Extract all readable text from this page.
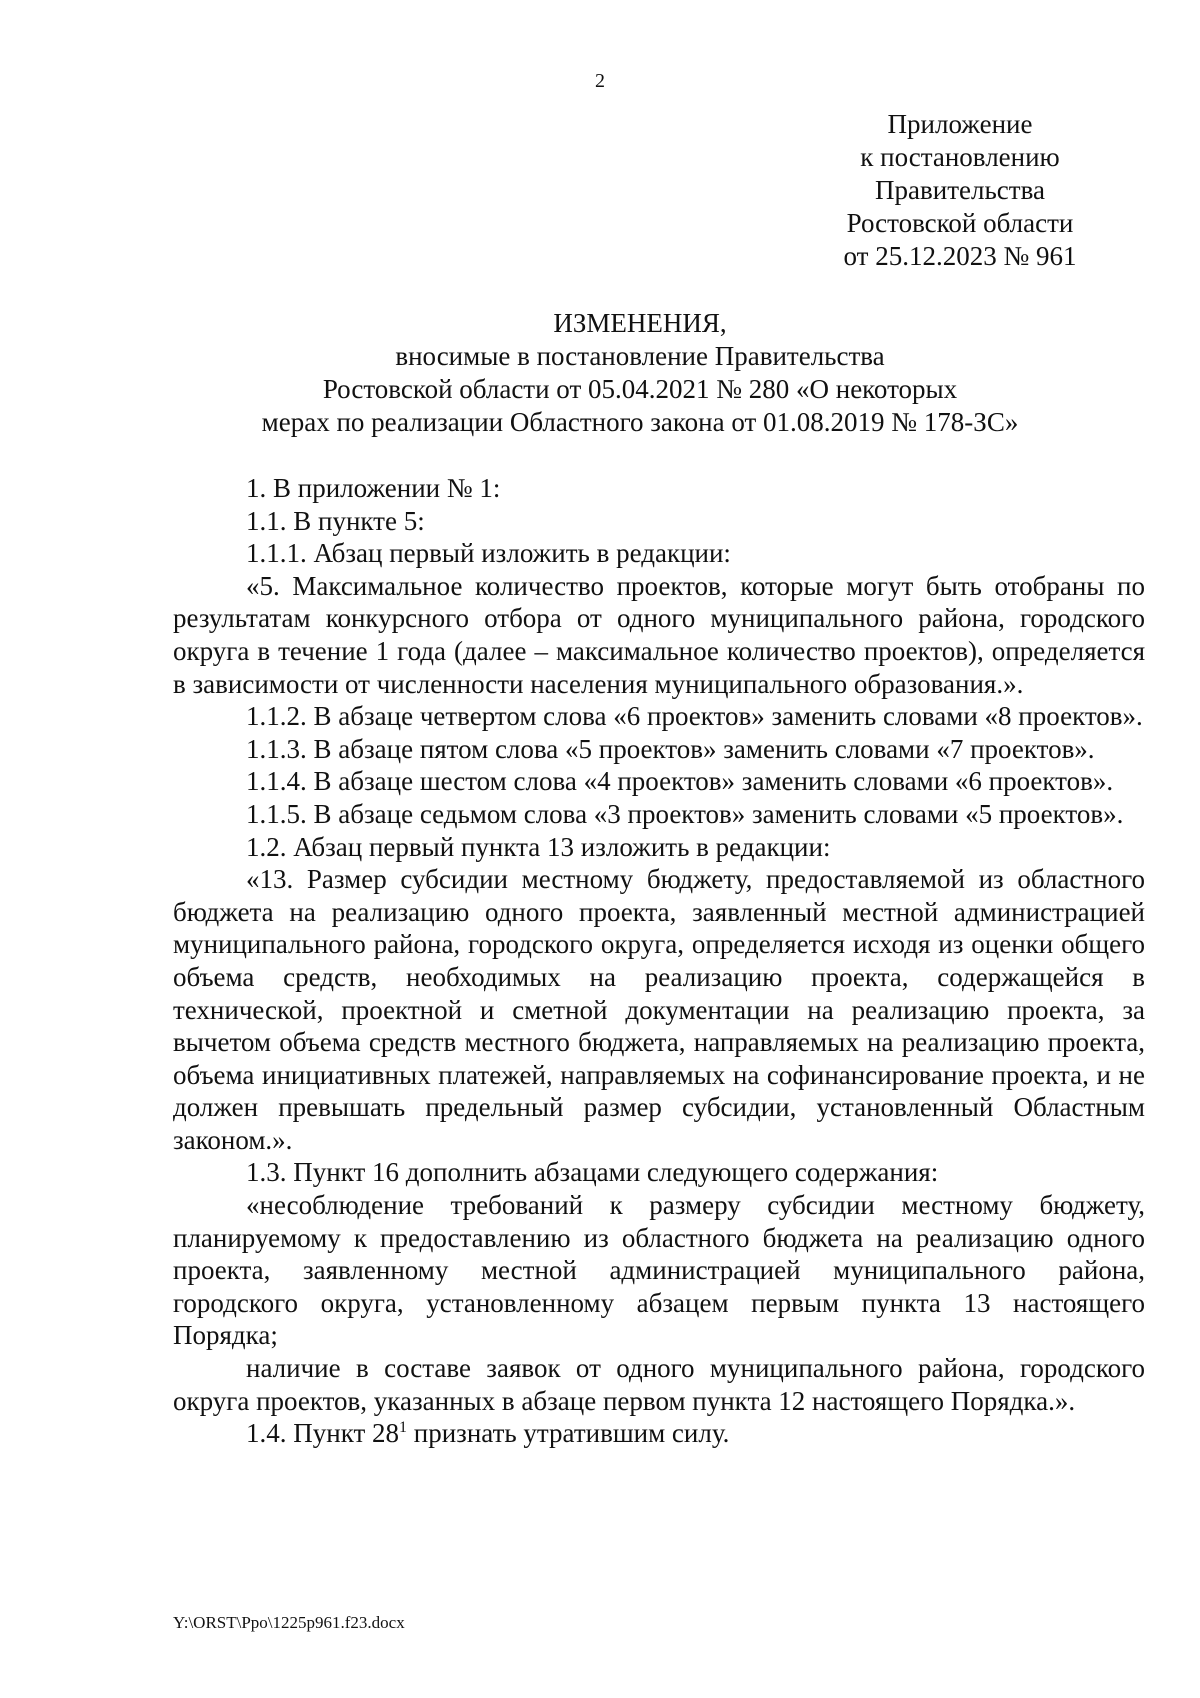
2
Приложение
к постановлению
Правительства
Ростовской области
от 25.12.2023 № 961
ИЗМЕНЕНИЯ,
вносимые в постановление Правительства
Ростовской области от 05.04.2021 № 280 «О некоторых
мерах по реализации Областного закона от 01.08.2019 № 178-ЗС»

1. В приложении № 1:

1.1. В пункте 5:

1.1.1. Абзац первый изложить в редакции:

«5. Максимальное количество проектов, которые могут быть отобраны по результатам конкурсного отбора от одного муниципального района, городского округа в течение 1 года (далее – максимальное количество проектов), определяется в зависимости от численности населения муниципального образования.».

1.1.2. В абзаце четвертом слова «6 проектов» заменить словами «8 проектов».

1.1.3. В абзаце пятом слова «5 проектов» заменить словами «7 проектов».

1.1.4. В абзаце шестом слова «4 проектов» заменить словами «6 проектов».

1.1.5. В абзаце седьмом слова «3 проектов» заменить словами «5 проектов».

1.2. Абзац первый пункта 13 изложить в редакции:

«13. Размер субсидии местному бюджету, предоставляемой из областного бюджета на реализацию одного проекта, заявленный местной администрацией муниципального района, городского округа, определяется исходя из оценки общего объема средств, необходимых на реализацию проекта, содержащейся в технической, проектной и сметной документации на реализацию проекта, за вычетом объема средств местного бюджета, направляемых на реализацию проекта, объема инициативных платежей, направляемых на софинансирование проекта, и не должен превышать предельный размер субсидии, установленный Областным законом.».

1.3. Пункт 16 дополнить абзацами следующего содержания:

«несоблюдение требований к размеру субсидии местному бюджету, планируемому к предоставлению из областного бюджета на реализацию одного проекта, заявленному местной администрацией муниципального района, городского округа, установленному абзацем первым пункта 13 настоящего Порядка;

наличие в составе заявок от одного муниципального района, городского округа проектов, указанных в абзаце первом пункта 12 настоящего Порядка.».

1.4. Пункт $28^1$ признать утратившим силу.

Y:\ORST\Ppo\1225p961.f23.docx
